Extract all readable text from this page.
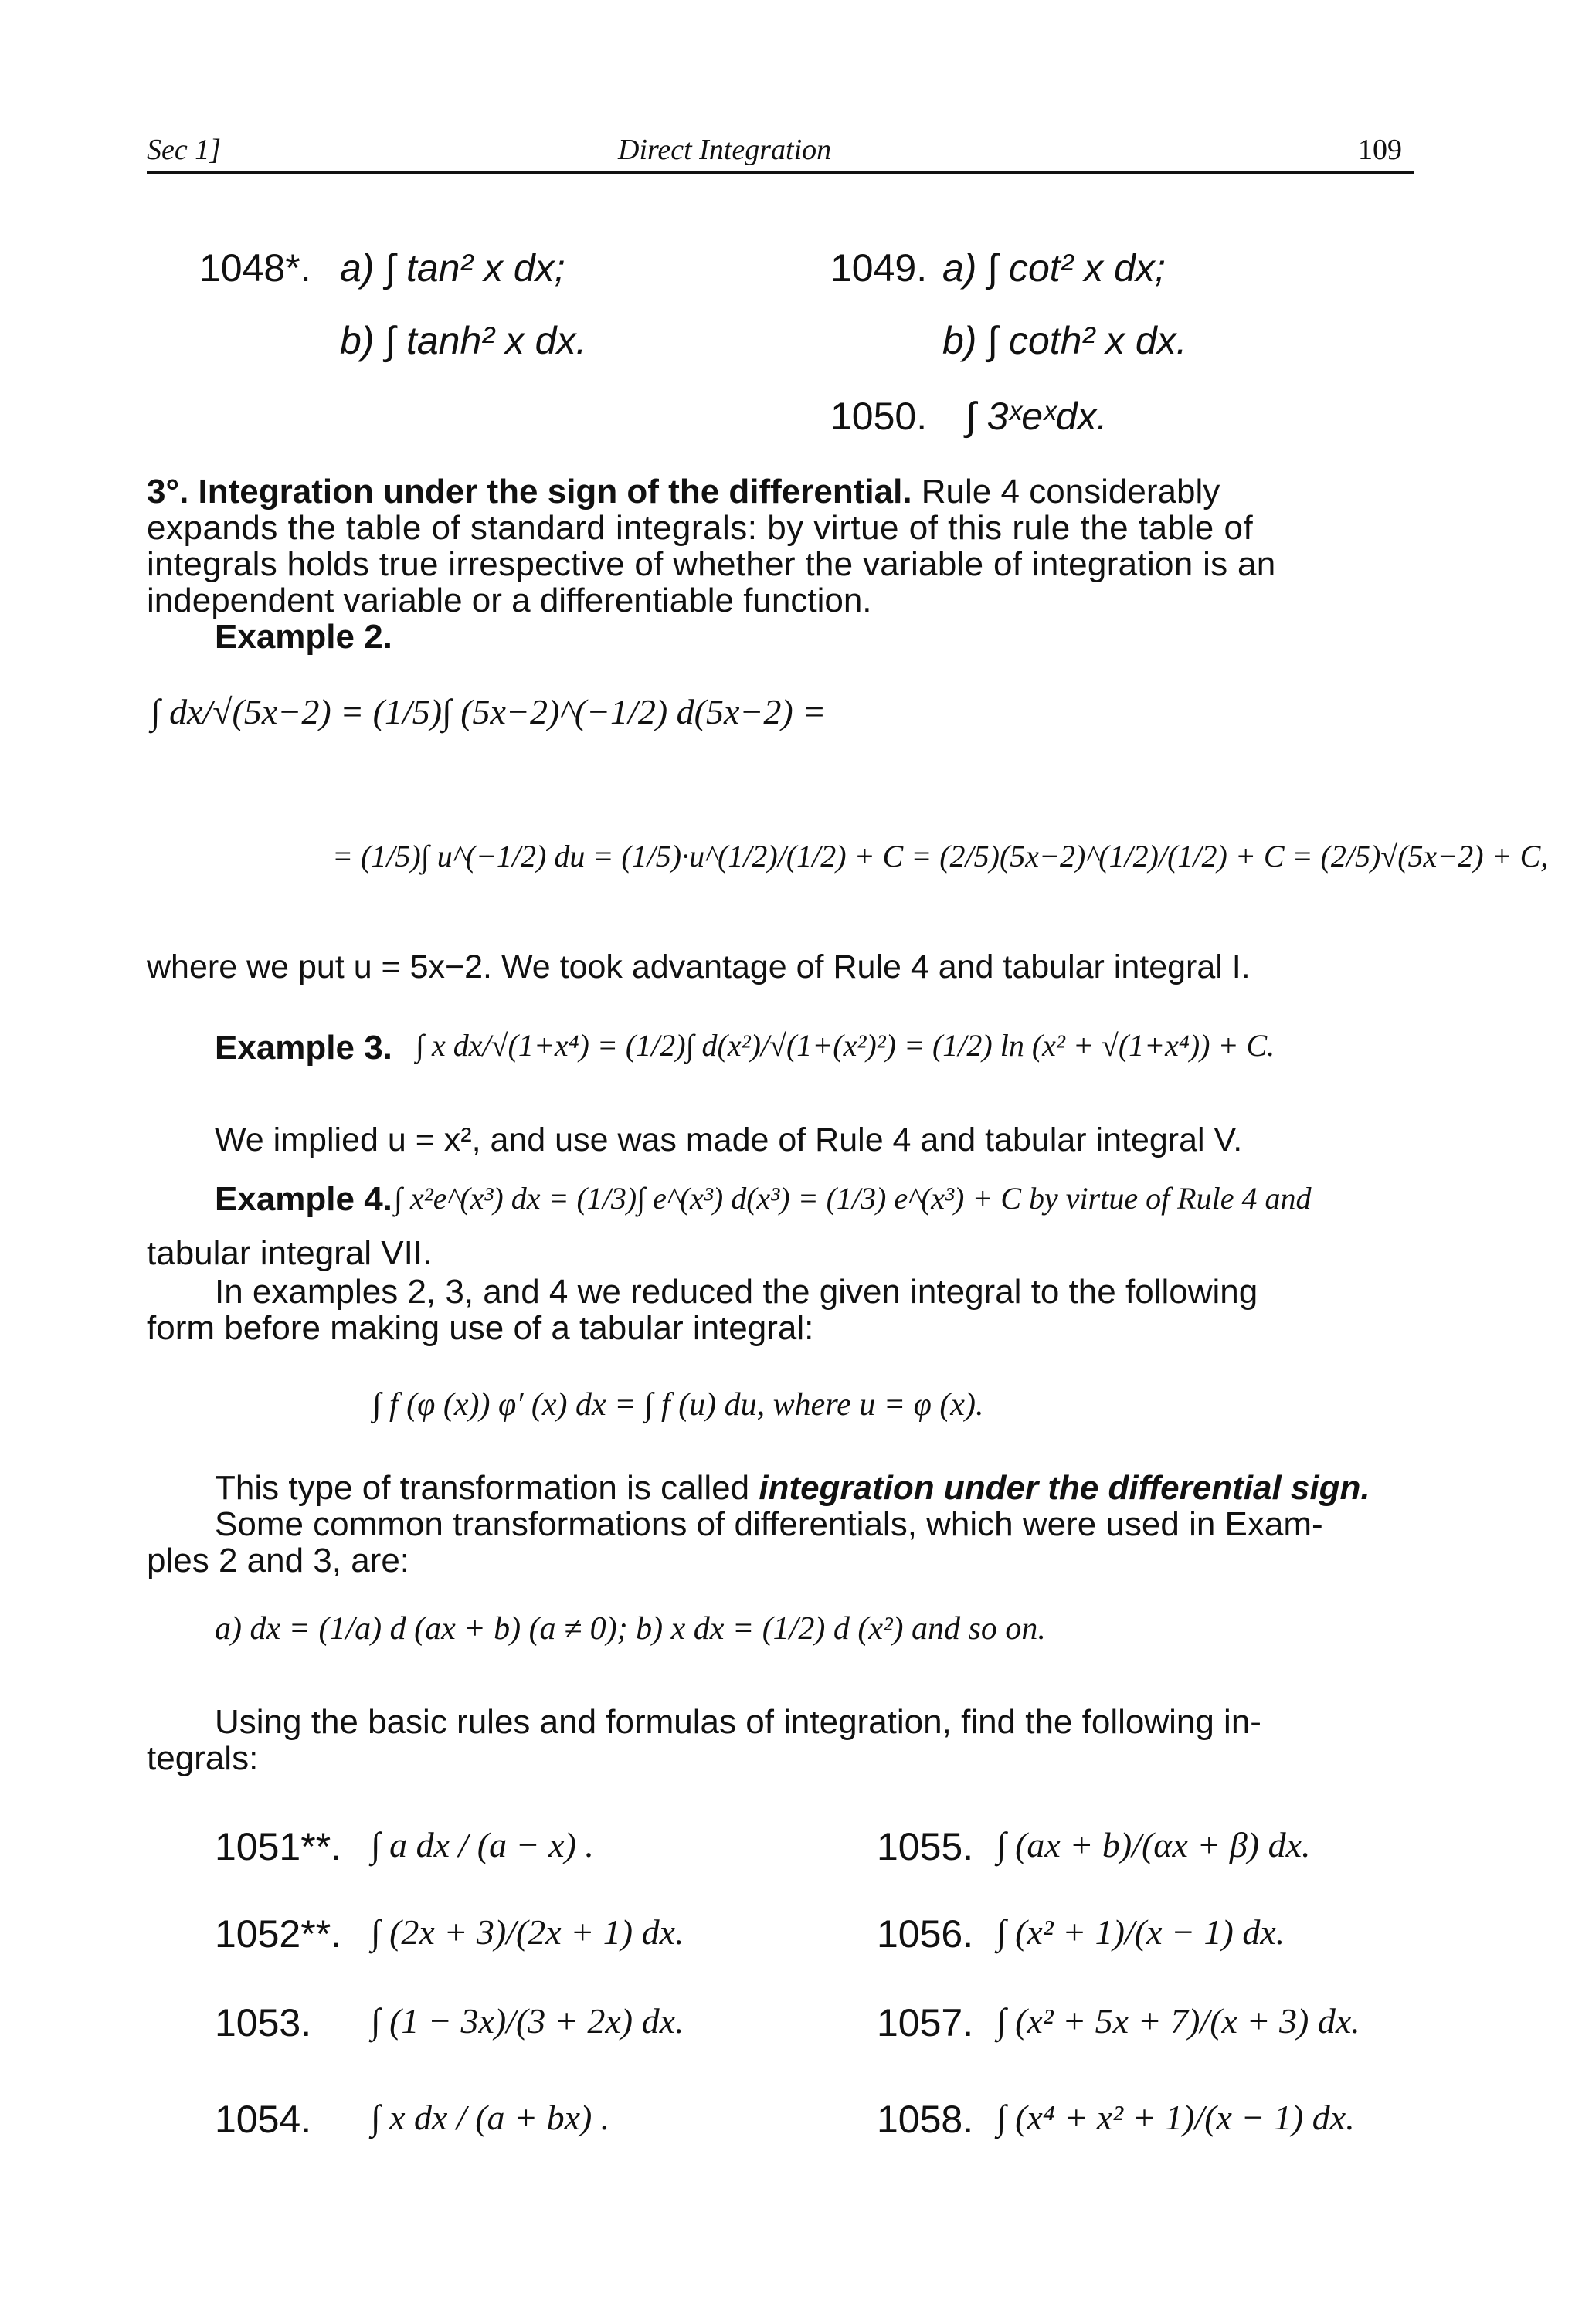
Sec 1]	Direct Integration	109
1048*. a) ∫ tan² x dx;
b) ∫ tanh² x dx.
1049. a) ∫ cot² x dx;
b) ∫ coth² x dx.
1050. ∫ 3ˣeˣdx.
3°. Integration under the sign of the differential. Rule 4 considerably
expands the table of standard integrals: by virtue of this rule the table of
integrals holds true irrespective of whether the variable of integration is an
independent variable or a differentiable function.
Example 2.
∫ dx/√(5x−2) = (1/5)∫ (5x−2)^(−1/2) d(5x−2) =
= (1/5)∫ u^(−1/2) du = (1/5)·u^(1/2)/(1/2) + C = (2/5)(5x−2)^(1/2)/(1/2) + C = (2/5)√(5x−2) + C,
where we put u = 5x−2. We took advantage of Rule 4 and tabular integral I.
Example 3. ∫ x dx/√(1+x⁴) = (1/2)∫ d(x²)/√(1+(x²)²) = (1/2) ln (x² + √(1+x⁴)) + C.
We implied u = x², and use was made of Rule 4 and tabular integral V.
Example 4. ∫ x²e^(x³) dx = (1/3)∫ e^(x³) d(x³) = (1/3) e^(x³) + C by virtue of Rule 4 and
tabular integral VII.
In examples 2, 3, and 4 we reduced the given integral to the following
form before making use of a tabular integral:
∫ f (φ (x)) φ′ (x) dx = ∫ f (u) du, where u = φ (x).
This type of transformation is called integration under the differential sign.
Some common transformations of differentials, which were used in Exam-
ples 2 and 3, are:
a) dx = (1/a) d (ax + b) (a ≠ 0); b) x dx = (1/2) d (x²) and so on.
Using the basic rules and formulas of integration, find the following in-
tegrals:
1051**. ∫ a dx / (a − x) .
1052**. ∫ (2x + 3)/(2x + 1) dx.
1053. ∫ (1 − 3x)/(3 + 2x) dx.
1054. ∫ x dx / (a + bx) .
1055. ∫ (ax + b)/(αx + β) dx.
1056. ∫ (x² + 1)/(x − 1) dx.
1057. ∫ (x² + 5x + 7)/(x + 3) dx.
1058. ∫ (x⁴ + x² + 1)/(x − 1) dx.
